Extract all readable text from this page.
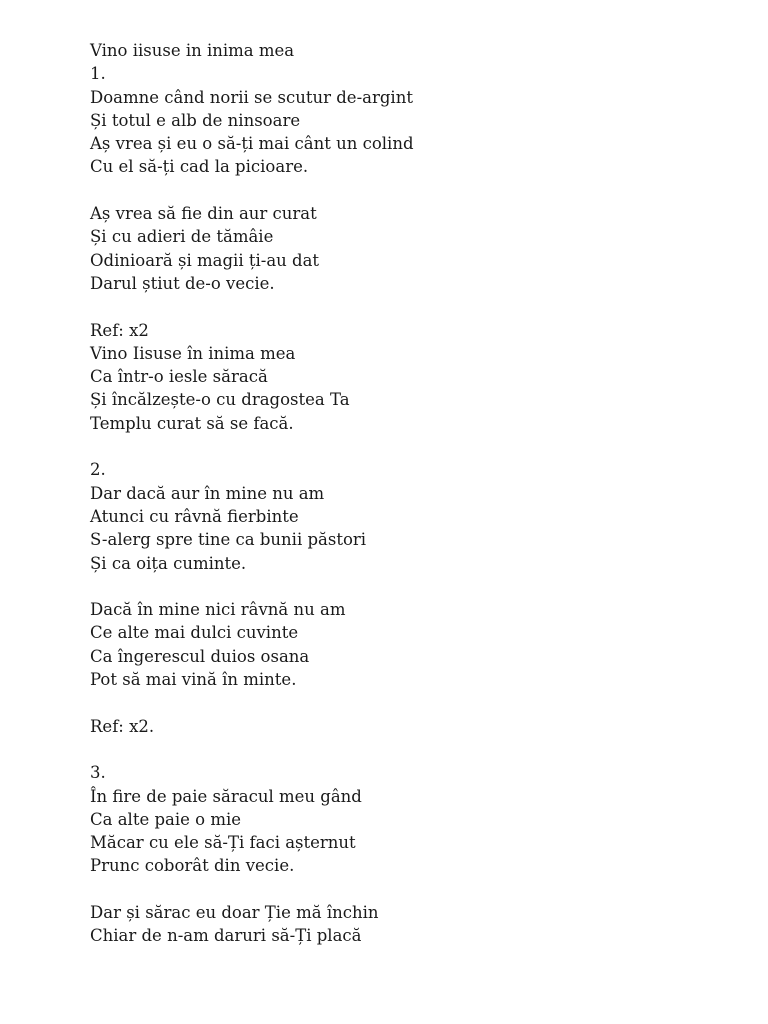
Vino iisuse in inima mea
1.
Doamne când norii se scutur de-argint
Și totul e alb de ninsoare
Aș vrea și eu o să-ți mai cânt un colind
Cu el să-ți cad la picioare.
Aș vrea să fie din aur curat
Și cu adieri de tămâie
Odinioară și magii ți-au dat
Darul știut de-o vecie.
Ref: x2
Vino Iisuse în inima mea
Ca într-o iesle săracă
Și încălzește-o cu dragostea Ta
Templu curat să se facă.
2.
Dar dacă aur în mine nu am
Atunci cu râvnă fierbinte
S-alerg spre tine ca bunii păstori
Și ca oița cuminte.
Dacă în mine nici râvnă nu am
Ce alte mai dulci cuvinte
Ca îngerescul duios osana
Pot să mai vină în minte.
Ref: x2.
3.
În fire de paie săracul meu gând
Ca alte paie o mie
Măcar cu ele să-Ți faci așternut
Prunc coborât din vecie.
Dar și sărac eu doar Ție mă închin
Chiar de n-am daruri să-Ți placă
